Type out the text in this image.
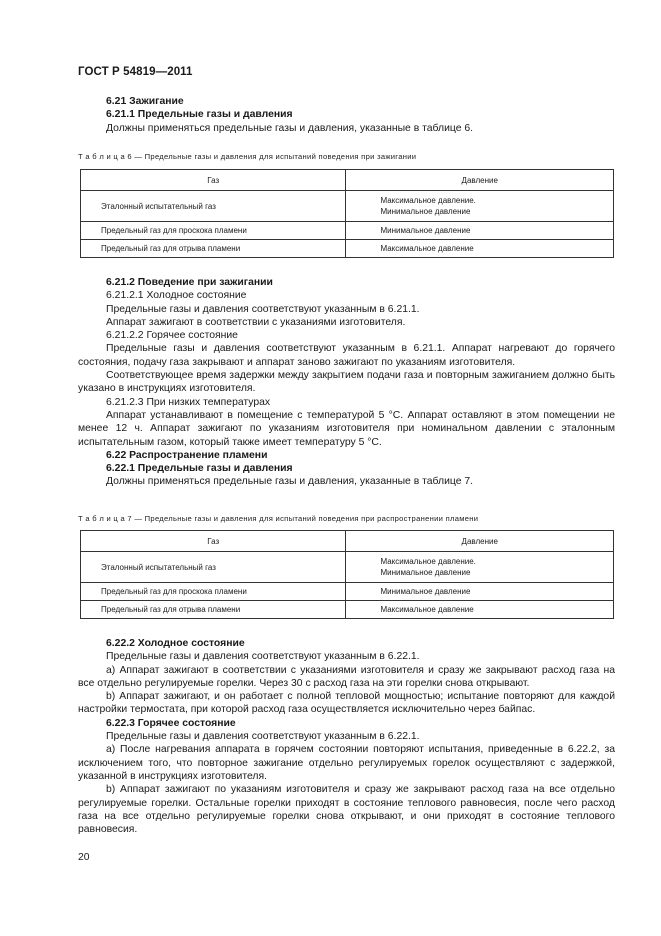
ГОСТ Р 54819—2011

6.21 Зажигание

6.21.1 Предельные газы и давления

Должны применяться предельные газы и давления, указанные в таблице 6.

Т а б л и ц а 6 — Предельные газы и давления для испытаний поведения при зажигании
Газ	Давление
Эталонный испытательный газ	Максимальное давление.
Минимальное давление

Предельный газ для проскока пламени	Минимальное давление

Предельный газ для отрыва пламени	Максимальное давление

6.21.2 Поведение при зажигании

6.21.2.1 Холодное состояние

Предельные газы и давления соответствуют указанным в 6.21.1.

Аппарат зажигают в соответствии с указаниями изготовителя.

6.21.2.2 Горячее состояние

Предельные газы и давления соответствуют указанным в 6.21.1. Аппарат нагревают до горячего состояния, подачу газа закрывают и аппарат заново зажигают по указаниям изготовителя.

Соответствующее время задержки между закрытием подачи газа и повторным зажиганием должно быть указано в инструкциях изготовителя.

6.21.2.3 При низких температурах

Аппарат устанавливают в помещение с температурой 5 °С. Аппарат оставляют в этом помещении не менее 12 ч. Аппарат зажигают по указаниям изготовителя при номинальном давлении с эталонным испытательным газом, который также имеет температуру 5 °С.

6.22 Распространение пламени

6.22.1 Предельные газы и давления

Должны применяться предельные газы и давления, указанные в таблице 7.

Т а б л и ц а 7 — Предельные газы и давления для испытаний поведения при распространении пламени
Газ	Давление
Эталонный испытательный газ	Максимальное давление.
Минимальное давление

Предельный газ для проскока пламени	Минимальное давление

Предельный газ для отрыва пламени	Максимальное давление

6.22.2 Холодное состояние

Предельные газы и давления соответствуют указанным в 6.22.1.

а) Аппарат зажигают в соответствии с указаниями изготовителя и сразу же закрывают расход газа на все отдельно регулируемые горелки. Через 30 с расход газа на эти горелки снова открывают.

b) Аппарат зажигают, и он работает с полной тепловой мощностью; испытание повторяют для каждой настройки термостата, при которой расход газа осуществляется исключительно через байпас.

6.22.3 Горячее состояние

Предельные газы и давления соответствуют указанным в 6.22.1.

а) После нагревания аппарата в горячем состоянии повторяют испытания, приведенные в 6.22.2, за исключением того, что повторное зажигание отдельно регулируемых горелок осуществляют с задержкой, указанной в инструкциях изготовителя.

b) Аппарат зажигают по указаниям изготовителя и сразу же закрывают расход газа на все отдельно регулируемые горелки. Остальные горелки приходят в состояние теплового равновесия, после чего расход газа на все отдельно регулируемые горелки снова открывают, и они приходят в состояние теплового равновесия.

20
